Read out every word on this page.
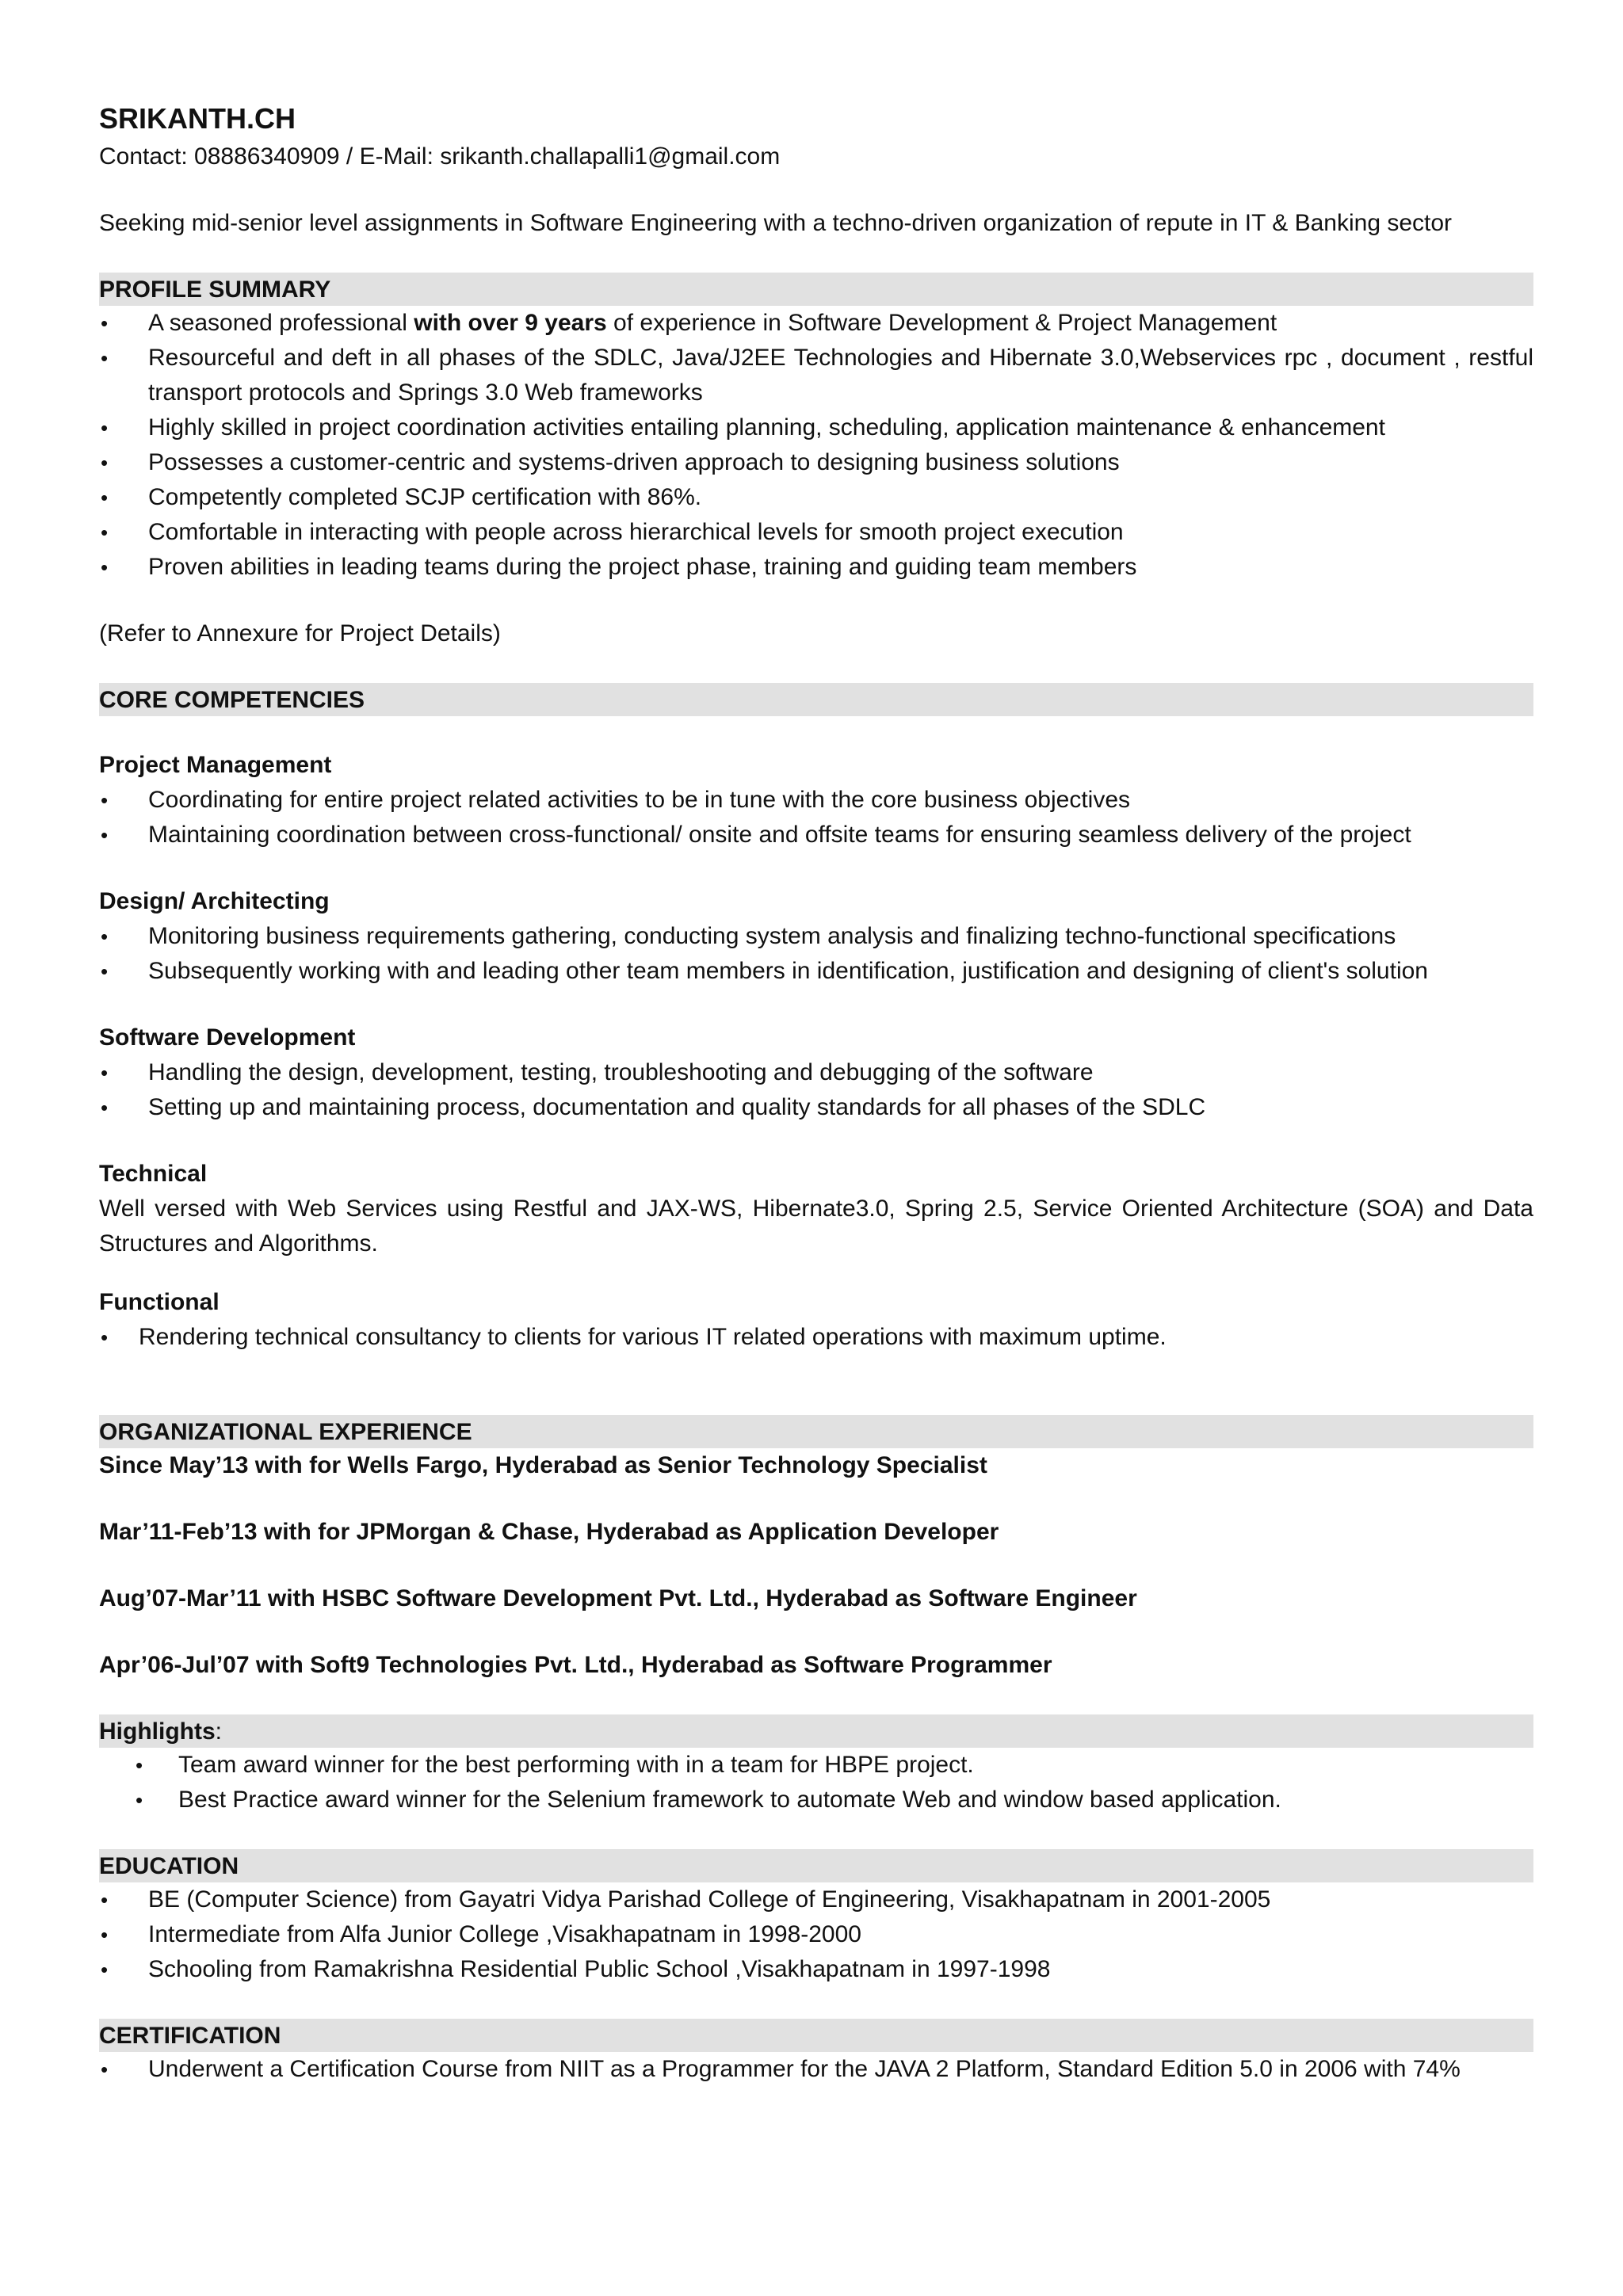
SRIKANTH.CH

Contact: 08886340909 / E-Mail: srikanth.challapalli1@gmail.com

Seeking mid-senior level assignments in Software Engineering with a techno-driven organization of repute in IT & Banking sector

PROFILE SUMMARY
• A seasoned professional with over 9 years of experience in Software Development & Project Management
• Resourceful and deft in all phases of the SDLC, Java/J2EE Technologies and Hibernate 3.0,Webservices rpc , document , restful transport protocols and Springs 3.0 Web frameworks
• Highly skilled in project coordination activities entailing planning, scheduling, application maintenance & enhancement
• Possesses a customer-centric and systems-driven approach to designing business solutions
• Competently completed SCJP certification with 86%.
• Comfortable in interacting with people across hierarchical levels for smooth project execution
• Proven abilities in leading teams during the project phase, training and guiding team members

(Refer to Annexure for Project Details)

CORE COMPETENCIES

Project Management

• Coordinating for entire project related activities to be in tune with the core business objectives
• Maintaining coordination between cross-functional/ onsite and offsite teams for ensuring seamless delivery of the project

Design/ Architecting

• Monitoring business requirements gathering, conducting system analysis and finalizing techno-functional specifications
• Subsequently working with and leading other team members in identification, justification and designing of client's solution

Software Development

• Handling the design, development, testing, troubleshooting and debugging of the software
• Setting up and maintaining process, documentation and quality standards for all phases of the SDLC

Technical

Well versed with Web Services using Restful and JAX-WS, Hibernate3.0, Spring 2.5, Service Oriented Architecture (SOA) and Data Structures and Algorithms.

Functional

• Rendering technical consultancy to clients for various IT related operations with maximum uptime.
ORGANIZATIONAL EXPERIENCE

Since May’13 with for Wells Fargo, Hyderabad as Senior Technology Specialist

Mar’11-Feb’13 with for JPMorgan & Chase, Hyderabad as Application Developer

Aug’07-Mar’11 with HSBC Software Development Pvt. Ltd., Hyderabad as Software Engineer

Apr’06-Jul’07 with Soft9 Technologies Pvt. Ltd., Hyderabad as Software Programmer

Highlights:
• Team award winner for the best performing with in a team for HBPE project.
• Best Practice award winner for the Selenium framework to automate Web and window based application.
EDUCATION
• BE (Computer Science) from Gayatri Vidya Parishad College of Engineering, Visakhapatnam in 2001-2005
• Intermediate from Alfa Junior College ,Visakhapatnam in 1998-2000
• Schooling from Ramakrishna Residential Public School ,Visakhapatnam in 1997-1998
CERTIFICATION
• Underwent a Certification Course from NIIT as a Programmer for the JAVA 2 Platform, Standard Edition 5.0 in 2006 with 74%
